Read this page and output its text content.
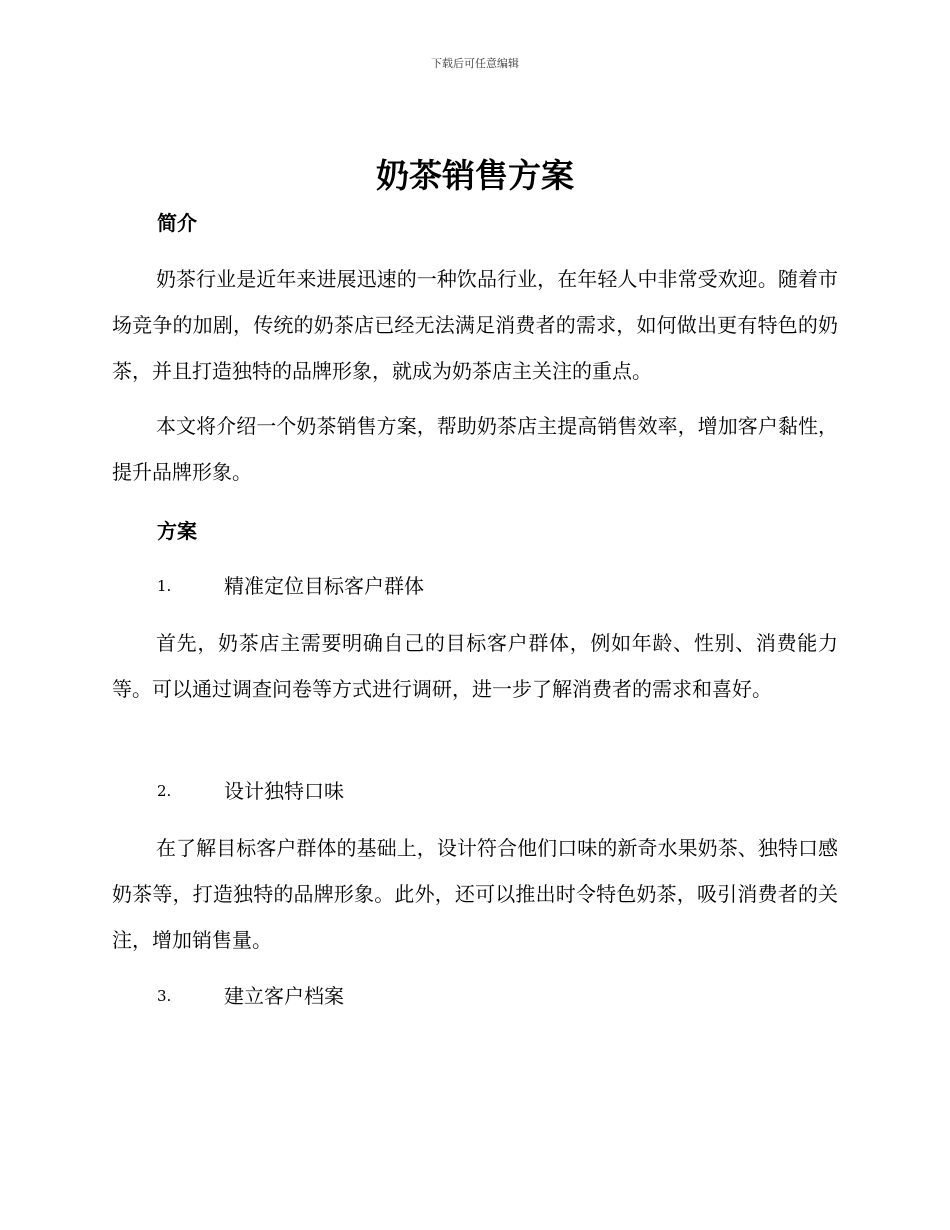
下载后可任意编辑
奶茶销售方案
简介
奶茶行业是近年来进展迅速的一种饮品行业，在年轻人中非常受欢迎。随着市场竞争的加剧，传统的奶茶店已经无法满足消费者的需求，如何做出更有特色的奶茶，并且打造独特的品牌形象，就成为奶茶店主关注的重点。
本文将介绍一个奶茶销售方案，帮助奶茶店主提高销售效率，增加客户黏性，提升品牌形象。
方案
1.	精准定位目标客户群体
首先，奶茶店主需要明确自己的目标客户群体，例如年龄、性别、消费能力等。可以通过调查问卷等方式进行调研，进一步了解消费者的需求和喜好。
2.	设计独特口味
在了解目标客户群体的基础上，设计符合他们口味的新奇水果奶茶、独特口感奶茶等，打造独特的品牌形象。此外，还可以推出时令特色奶茶，吸引消费者的关注，增加销售量。
3.	建立客户档案
